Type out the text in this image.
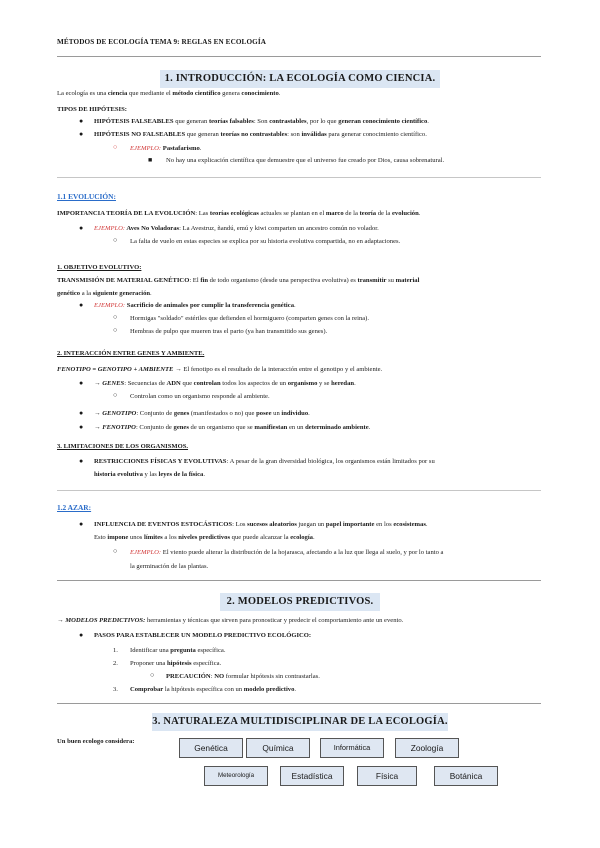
MÉTODOS DE ECOLOGÍA TEMA 9: REGLAS EN ECOLOGÍA
1. INTRODUCCIÓN: LA ECOLOGÍA COMO CIENCIA.
La ecología es una ciencia que mediante el método científico genera conocimiento.
TIPOS DE HIPÓTESIS:
● HIPÓTESIS FALSEABLES que generan teorías falsables: Son contrastables, por lo que generan conocimiento científico.
● HIPÓTESIS NO FALSEABLES que generan teorías no contrastables: son inválidas para generar conocimiento científico.
○ EJEMPLO: Pastafarismo.
■ No hay una explicación científica que demuestre que el universo fue creado por Dios, causa sobrenatural.
1.1 EVOLUCIÓN:
IMPORTANCIA TEORÍA DE LA EVOLUCIÓN: Las teorías ecológicas actuales se plantan en el marco de la teoría de la evolución.
● EJEMPLO: Aves No Voladoras: La Avestruz, ñandú, emú y kiwi comparten un ancestro común no volador.
○ La falta de vuelo en estas especies se explica por su historia evolutiva compartida, no en adaptaciones.
1. OBJETIVO EVOLUTIVO:
TRANSMISIÓN DE MATERIAL GENÉTICO: El fin de todo organismo (desde una perspectiva evolutiva) es transmitir su material
genético a la siguiente generación.
● EJEMPLO: Sacrificio de animales por cumplir la transferencia genética.
○ Hormigas "soldado" estériles que defienden el hormiguero (comparten genes con la reina).
○ Hembras de pulpo que mueren tras el parto (ya han transmitido sus genes).
2. INTERACCIÓN ENTRE GENES Y AMBIENTE.
FENOTIPO = GENOTIPO + AMBIENTE → El fenotipo es el resultado de la interacción entre el genotipo y el ambiente.
● → GENES: Secuencias de ADN que controlan todos los aspectos de un organismo y se heredan.
○ Controlan como un organismo responde al ambiente.
● → GENOTIPO: Conjunto de genes (manifestados o no) que posee un individuo.
● → FENOTIPO: Conjunto de genes de un organismo que se manifiestan en un determinado ambiente.
3. LIMITACIONES DE LOS ORGANISMOS.
● RESTRICCIONES FÍSICAS Y EVOLUTIVAS: A pesar de la gran diversidad biológica, los organismos están limitados por su
historia evolutiva y las leyes de la física.
1.2 AZAR:
● INFLUENCIA DE EVENTOS ESTOCÁSTICOS: Los sucesos aleatorios juegan un papel importante en los ecosistemas.
Esto impone unos límites a los niveles predictivos que puede alcanzar la ecología.
○ EJEMPLO: El viento puede alterar la distribución de la hojarasca, afectando a la luz que llega al suelo, y por lo tanto a
la germinación de las plantas.
2. MODELOS PREDICTIVOS.
→ MODELOS PREDICTIVOS: herramientas y técnicas que sirven para pronosticar y predecir el comportamiento ante un evento.
● PASOS PARA ESTABLECER UN MODELO PREDICTIVO ECOLÓGICO:
1. Identificar una pregunta específica.
2. Proponer una hipótesis específica.
○ PRECAUCIÓN: NO formular hipótesis sin contrastarlas.
3. Comprobar la hipótesis específica con un modelo predictivo.
3. NATURALEZA MULTIDISCIPLINAR DE LA ECOLOGÍA.
Un buen ecologo considera:
Genética	Química	Informática	Zoología
Meteorología	Estadística	Física	Botánica
